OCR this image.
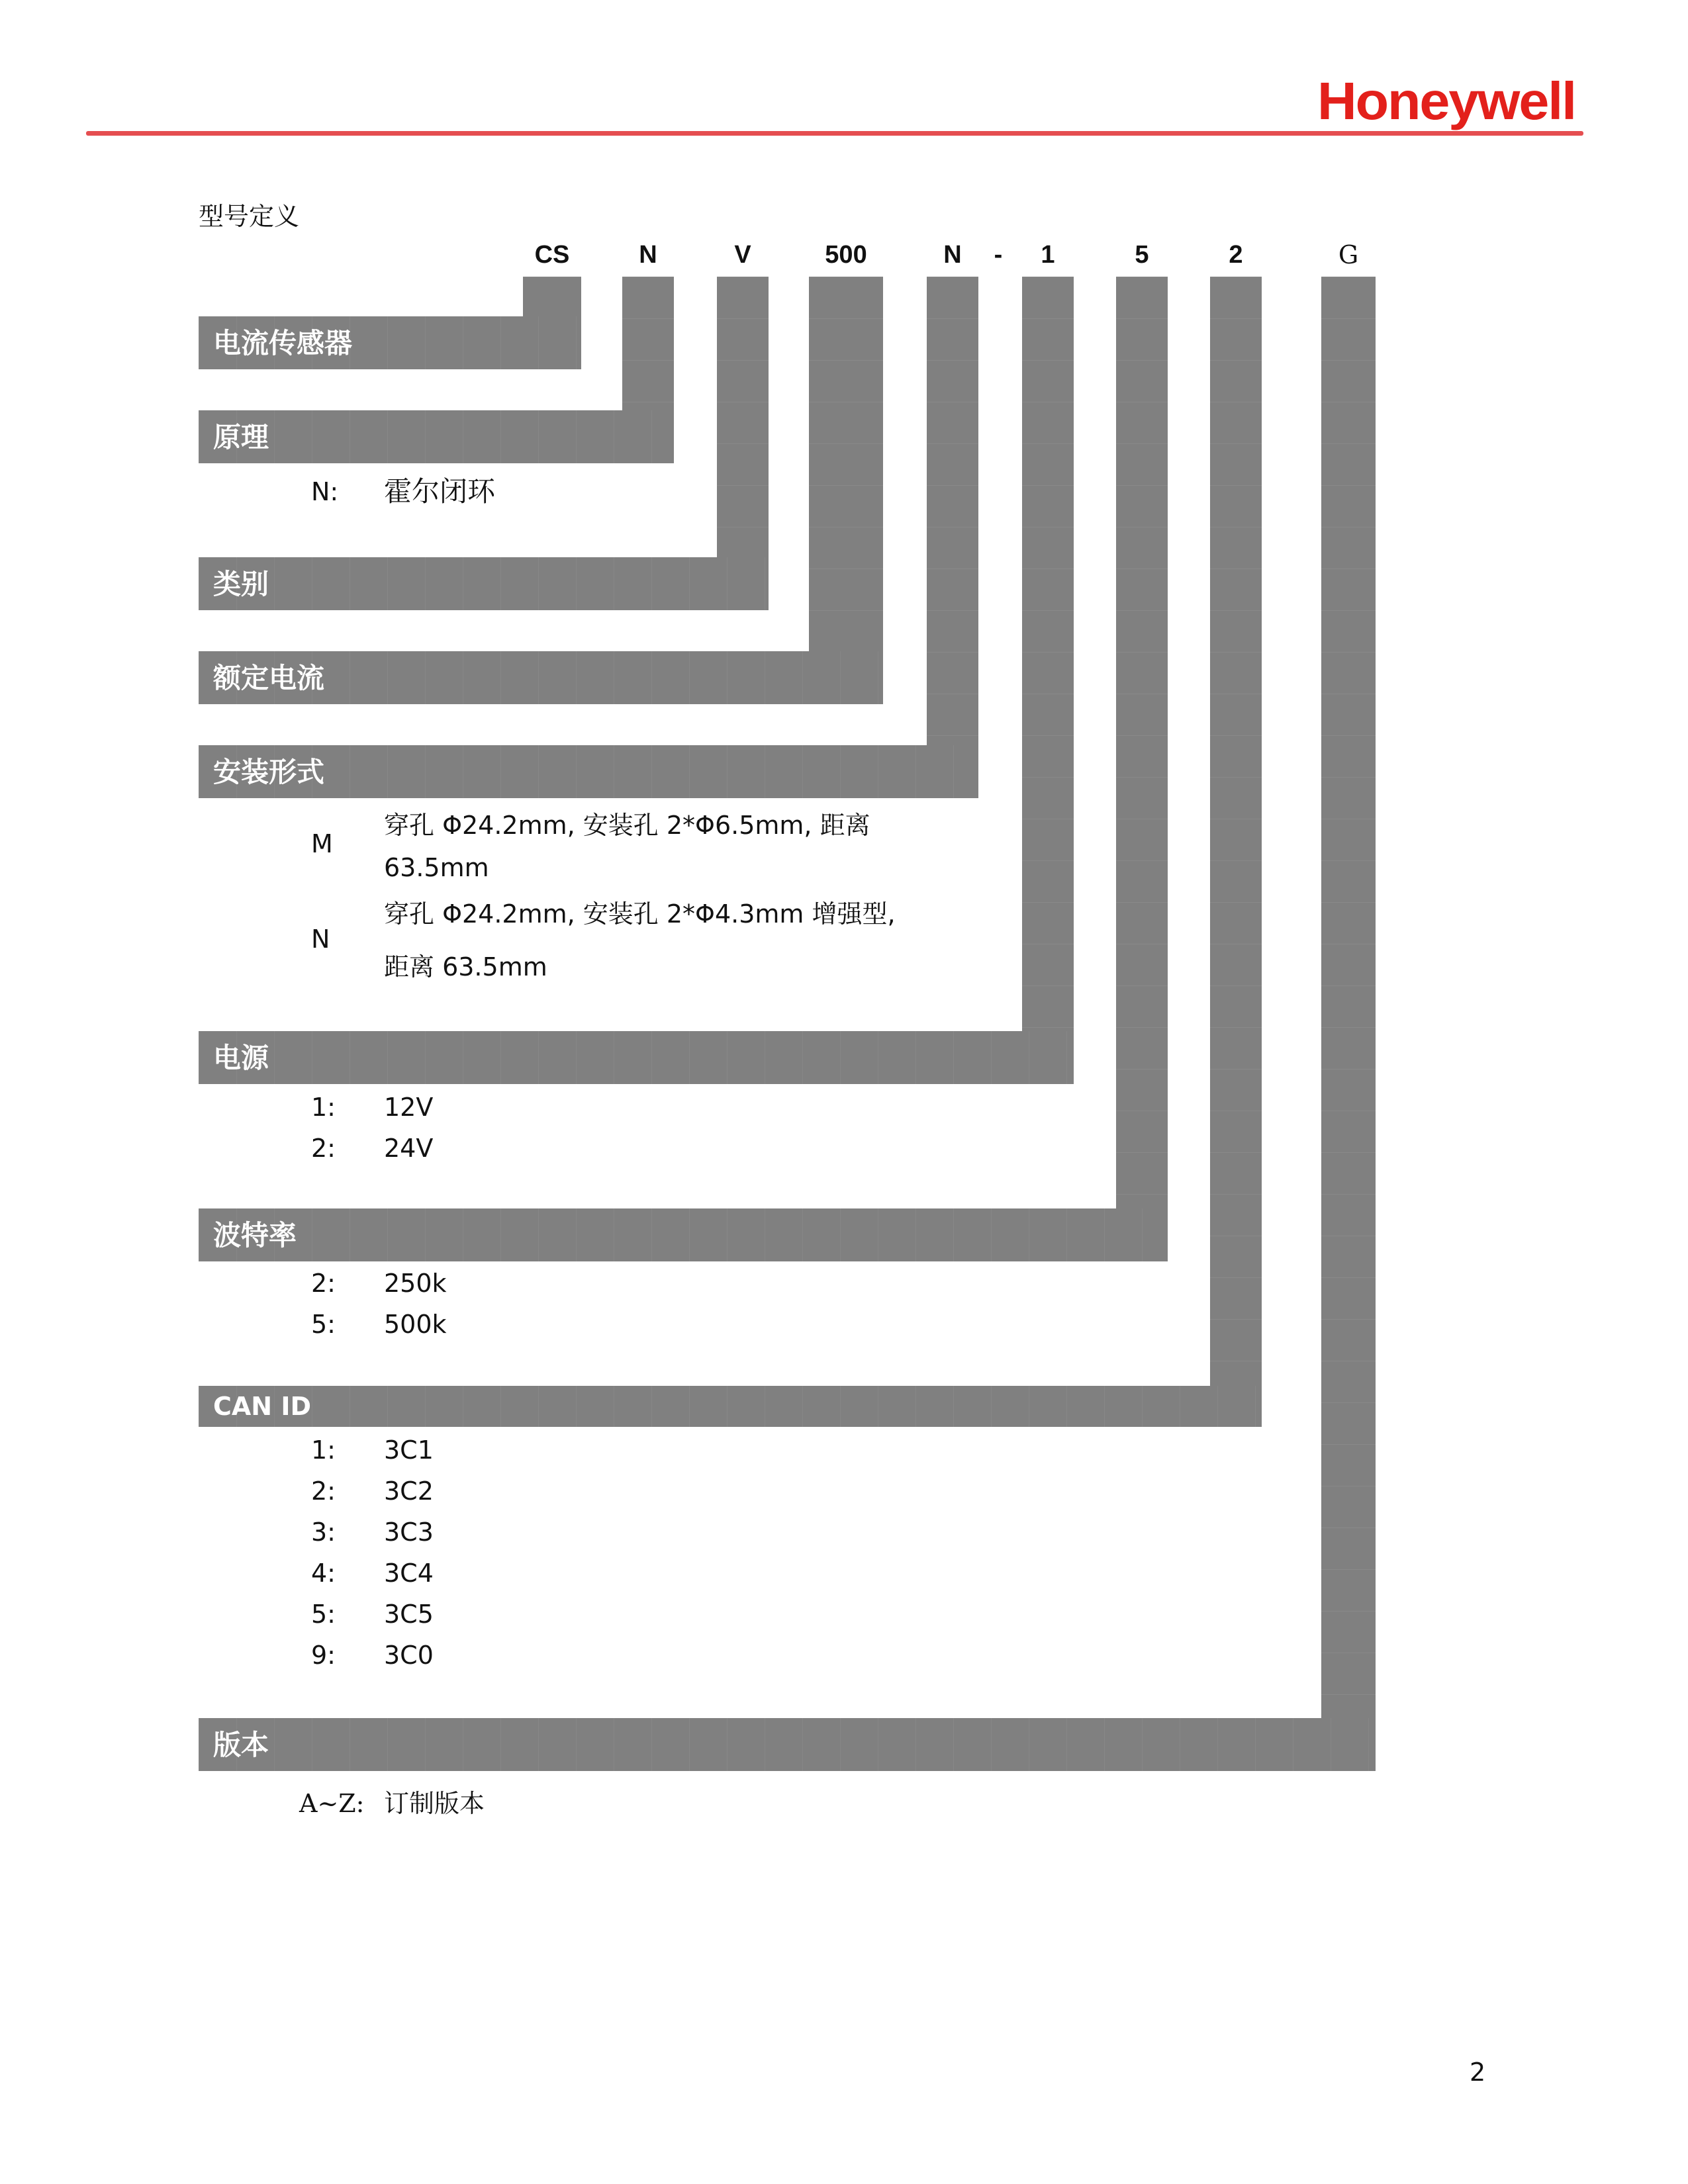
Honeywell
型号定义
CS	N	V	500	N	-	1	5	2	G
电流传感器
原理
N: 霍尔闭环
类别
额定电流
安装形式
M
穿孔 Φ24.2mm, 安装孔 2*Φ6.5mm, 距离
63.5mm
N
穿孔 Φ24.2mm, 安装孔 2*Φ4.3mm 增强型,
距离 63.5mm
电源
1: 12V
2: 24V
波特率
2: 250k
5: 500k
CAN ID
1: 3C1
2: 3C2
3: 3C3
4: 3C4
5: 3C5
9: 3C0
版本
A~Z: 订制版本
2
